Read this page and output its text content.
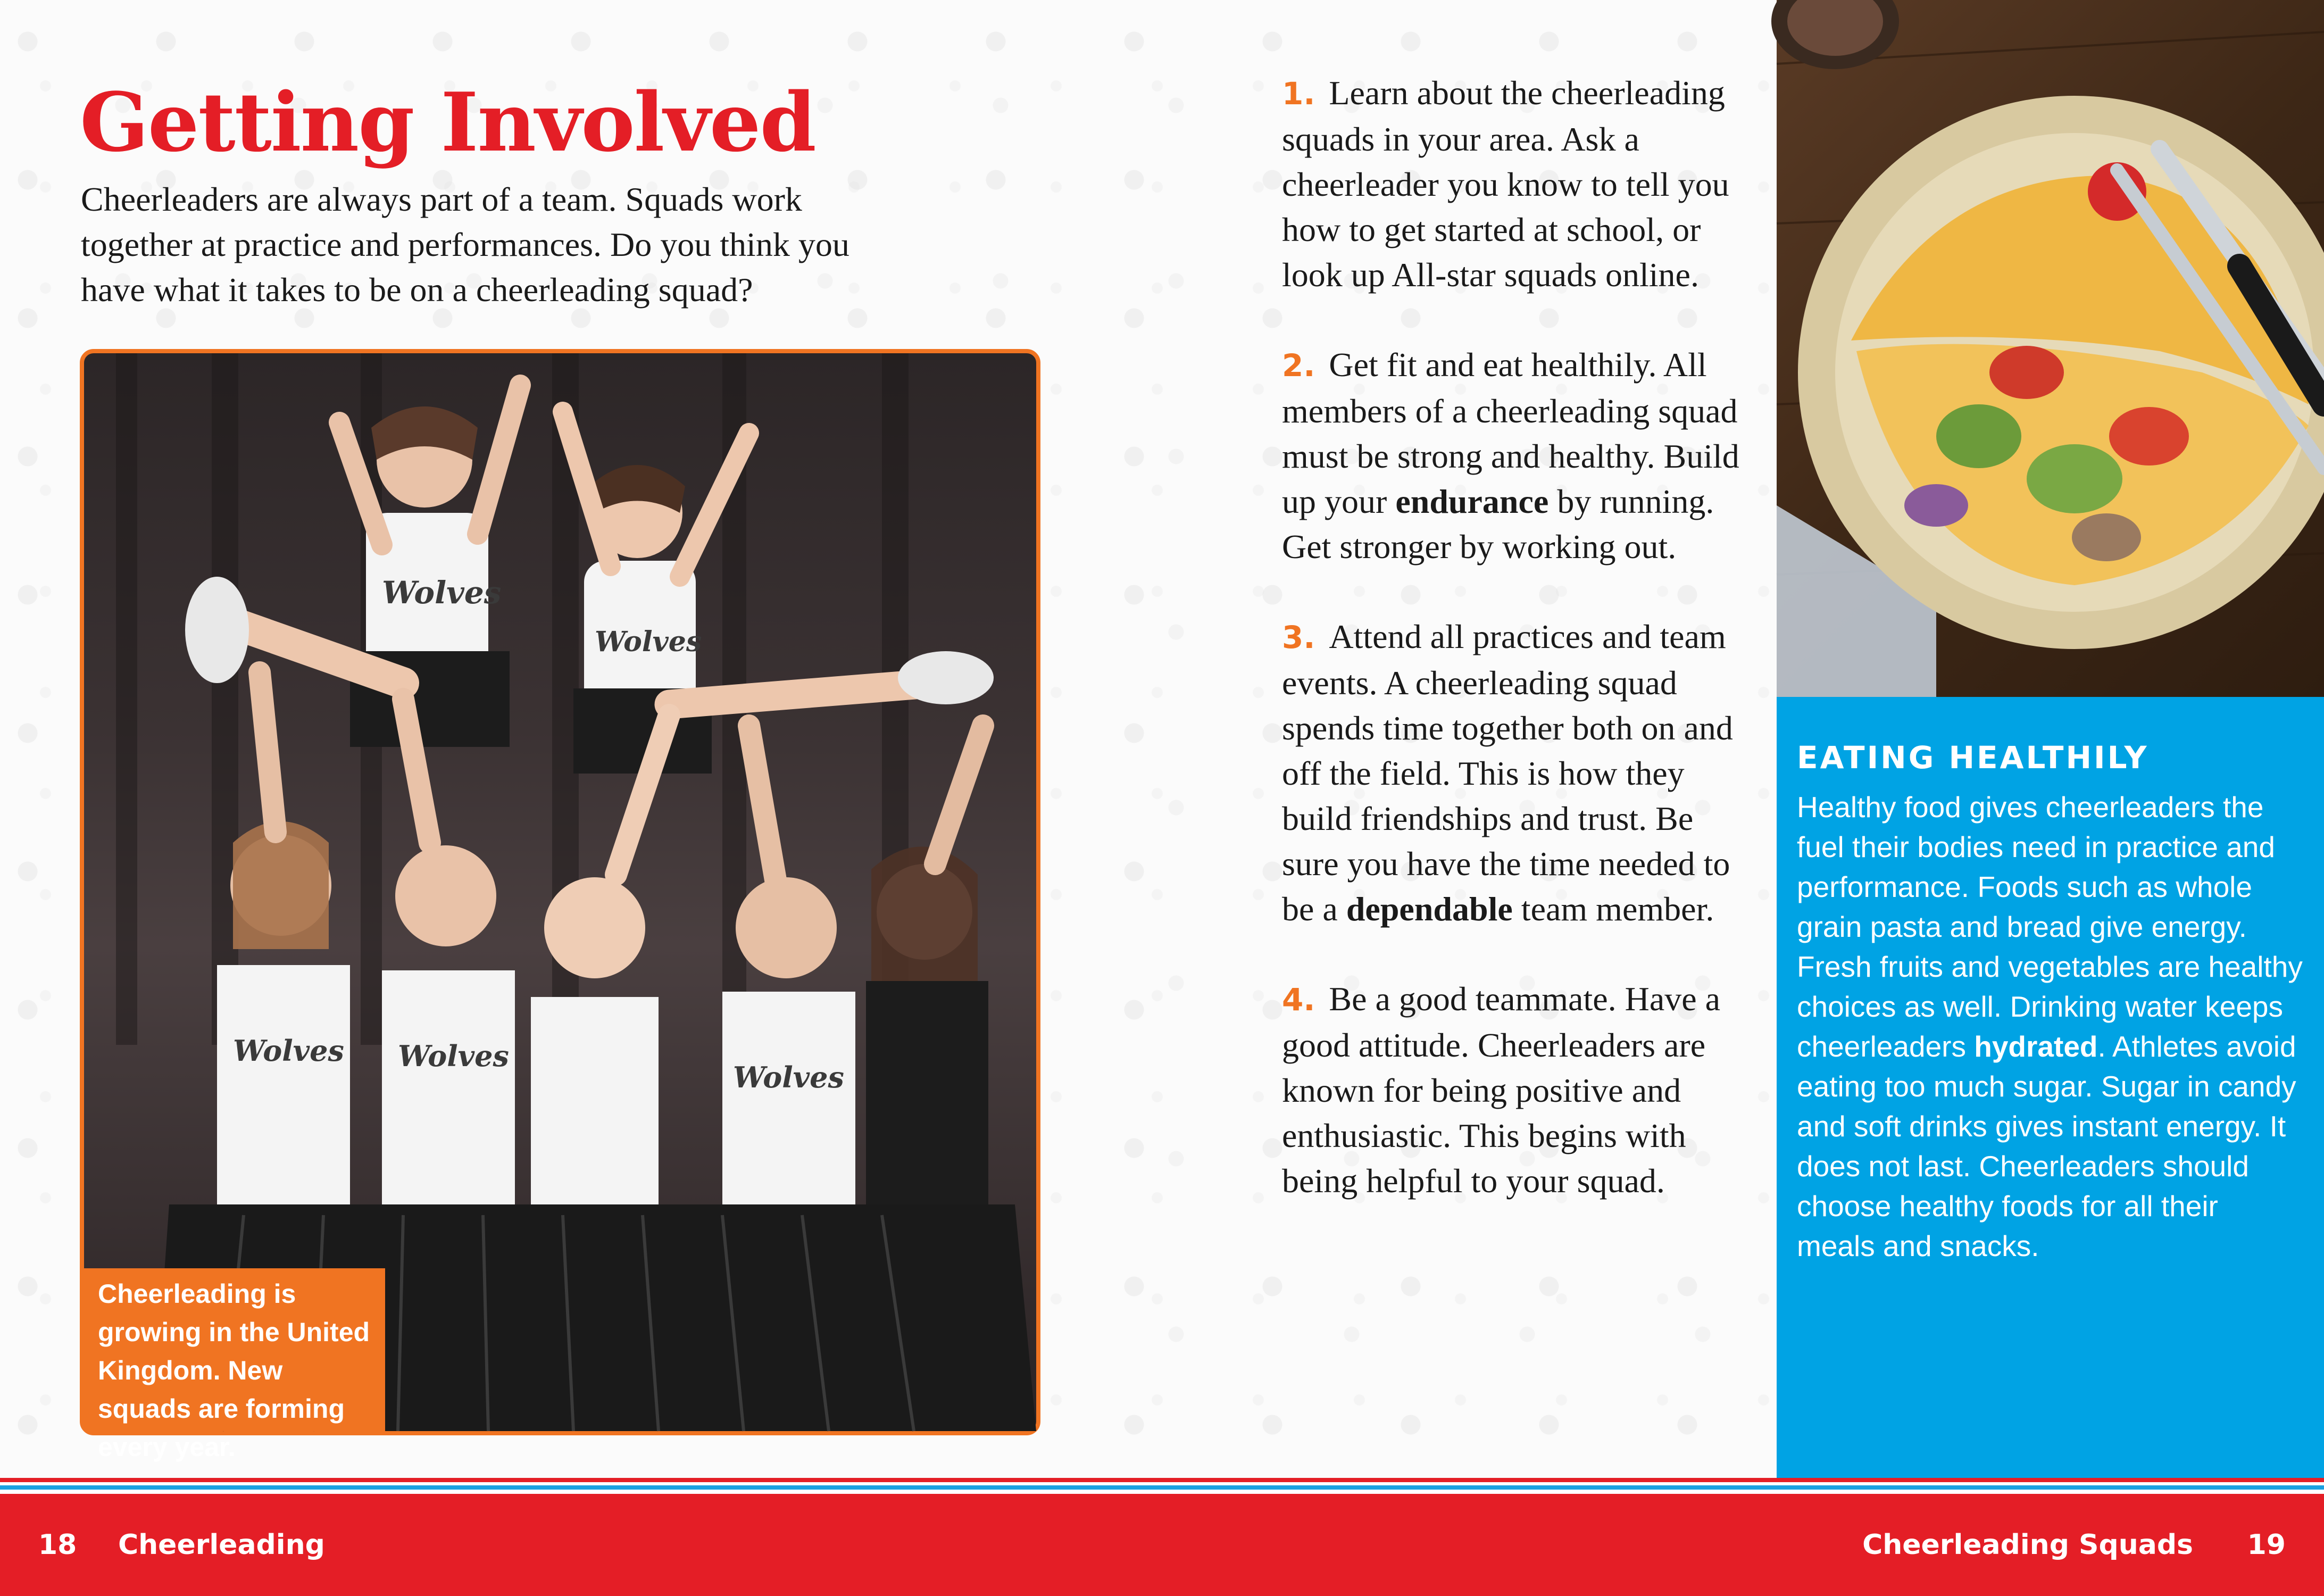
Getting Involved

Cheerleaders are always part of a team. Squads work together at practice and performances. Do you think you have what it takes to be on a cheerleading squad?

Wolves
Wolves
Wolves Wolves
Wolves
Cheerleading is growing in the United Kingdom. New squads are forming every year.
1. Learn about the cheerleading squads in your area. Ask a cheerleader you know to tell you how to get started at school, or look up All-star squads online.
2. Get fit and eat healthily. All members of a cheerleading squad must be strong and healthy. Build up your endurance by running. Get stronger by working out.
3. Attend all practices and team events. A cheerleading squad spends time together both on and off the field. This is how they build friendships and trust. Be sure you have the time needed to be a dependable team member.
4. Be a good teammate. Have a good attitude. Cheerleaders are known for being positive and enthusiastic. This begins with being helpful to your squad.
EATING HEALTHILY

Healthy food gives cheerleaders the fuel their bodies need in practice and performance. Foods such as whole grain pasta and bread give energy. Fresh fruits and vegetables are healthy choices as well. Drinking water keeps cheerleaders hydrated. Athletes avoid eating too much sugar. Sugar in candy and soft drinks gives instant energy. It does not last. Cheerleaders should choose healthy foods for all their meals and snacks.

18 Cheerleading	Cheerleading Squads 19
